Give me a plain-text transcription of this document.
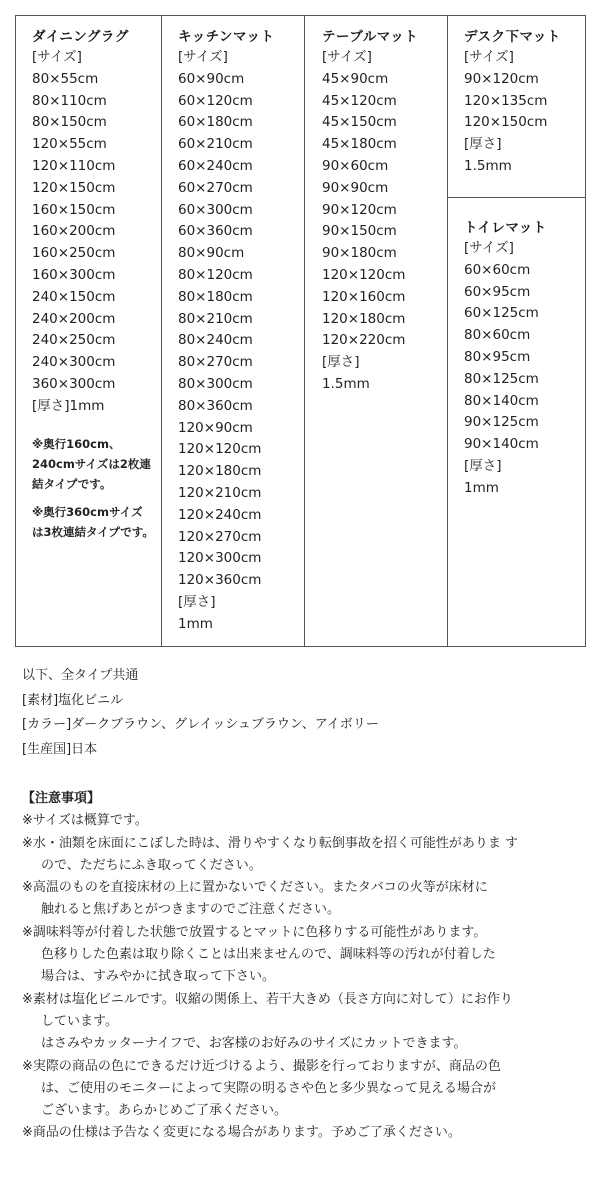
ダイニングラグ
[サイズ]
80×55cm
80×110cm
80×150cm
120×55cm
120×110cm
120×150cm
160×150cm
160×200cm
160×250cm
160×300cm
240×150cm
240×200cm
240×250cm
240×300cm
360×300cm
[厚さ]1mm
※奥行160cm、240cmサイズは2枚連結タイプです。
※奥行360cmサイズは3枚連結タイプです。
キッチンマット
[サイズ]
60×90cm
60×120cm
60×180cm
60×210cm
60×240cm
60×270cm
60×300cm
60×360cm
80×90cm
80×120cm
80×180cm
80×210cm
80×240cm
80×270cm
80×300cm
80×360cm
120×90cm
120×120cm
120×180cm
120×210cm
120×240cm
120×270cm
120×300cm
120×360cm
[厚さ]
1mm
テーブルマット
[サイズ]
45×90cm
45×120cm
45×150cm
45×180cm
90×60cm
90×90cm
90×120cm
90×150cm
90×180cm
120×120cm
120×160cm
120×180cm
120×220cm
[厚さ]
1.5mm
デスク下マット
[サイズ]
90×120cm
120×135cm
120×150cm
[厚さ]
1.5mm
トイレマット
[サイズ]
60×60cm
60×95cm
60×125cm
80×60cm
80×95cm
80×125cm
80×140cm
90×125cm
90×140cm
[厚さ]
1mm
以下、全タイプ共通
[素材]塩化ビニル
[カラー]ダークブラウン、グレイッシュブラウン、アイボリー
[生産国]日本
【注意事項】
※サイズは概算です。
※水・油類を床面にこぼした時は、滑りやすくなり転倒事故を招く可能性がありま す
ので、ただちにふき取ってください。
※高温のものを直接床材の上に置かないでください。またタバコの火等が床材に
触れると焦げあとがつきますのでご注意ください。
※調味料等が付着した状態で放置するとマットに色移りする可能性があります。
色移りした色素は取り除くことは出来ませんので、調味料等の汚れが付着した
場合は、すみやかに拭き取って下さい。
※素材は塩化ビニルです。収縮の関係上、若干大きめ（長さ方向に対して）にお作り
しています。
はさみやカッターナイフで、お客様のお好みのサイズにカットできます。
※実際の商品の色にできるだけ近づけるよう、撮影を行っておりますが、商品の色
は、ご使用のモニターによって実際の明るさや色と多少異なって見える場合が
ございます。あらかじめご了承ください。
※商品の仕様は予告なく変更になる場合があります。予めご了承ください。
